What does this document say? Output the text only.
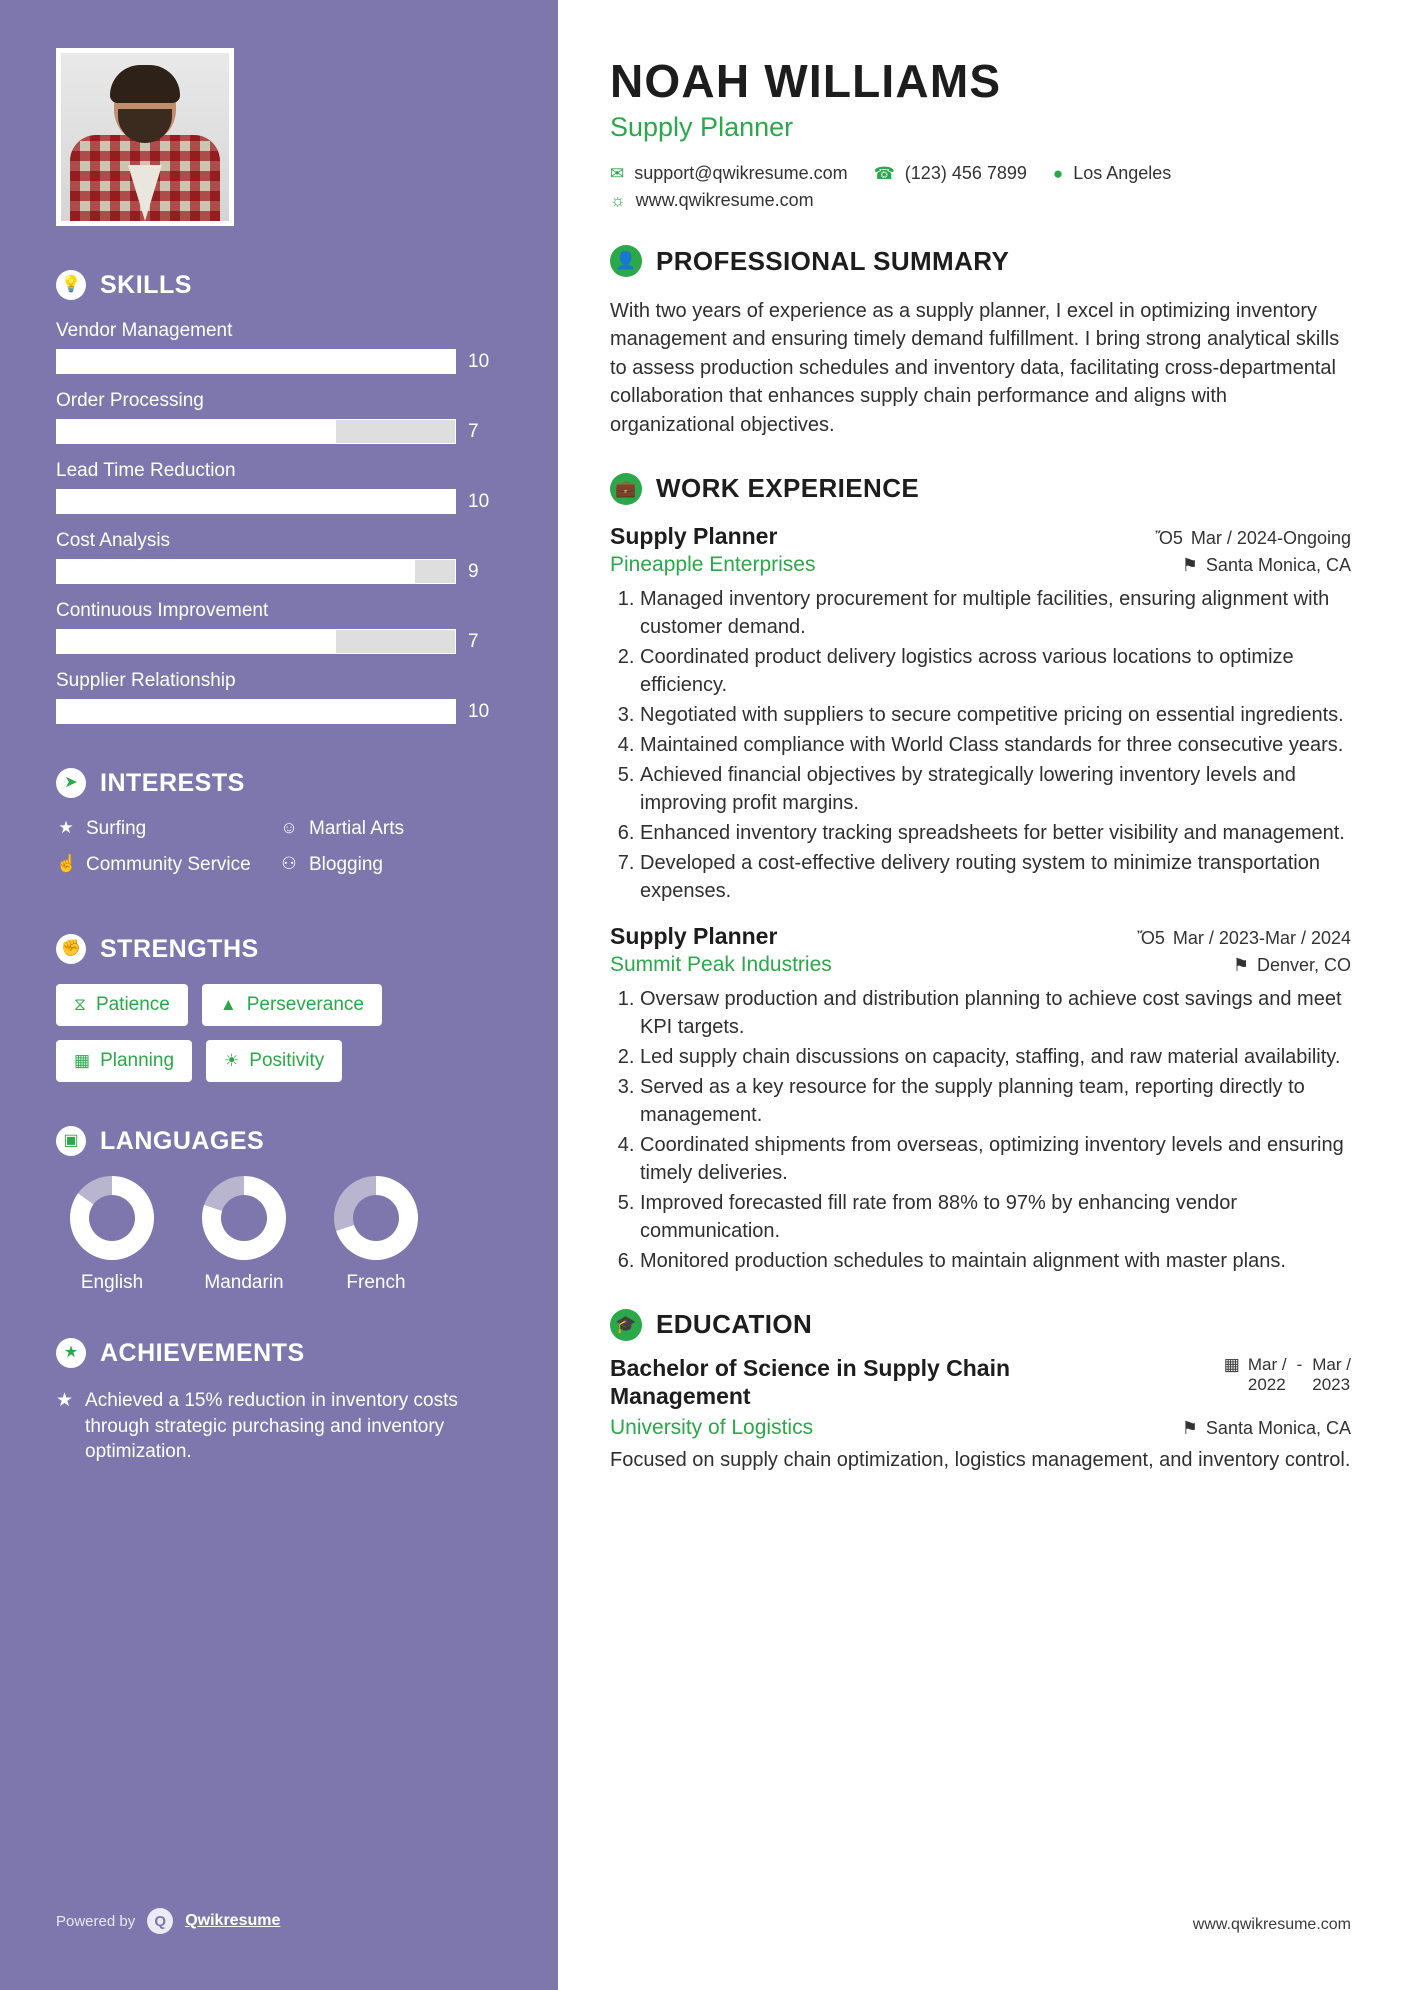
💡 SKILLS
Vendor Management
10
Order Processing
7
Lead Time Reduction
10
Cost Analysis
9
Continuous Improvement
7
Supplier Relationship
10
➤ INTERESTS
★ Surfing	☺ Martial Arts
☝ Community Service ⚇ Blogging
✊ STRENGTHS
⧖ Patience	▲ Perseverance
▦ Planning	☀ Positivity
▣ LANGUAGES
English	Mandarin	French
★ ACHIEVEMENTS
★ Achieved a 15% reduction in inventory costs through strategic purchasing and inventory optimization.
Powered by	Q	Qwikresume
NOAH WILLIAMS
Supply Planner
✉ support@qwikresume.com ☎ (123) 456 7899 ● Los Angeles
☼ www.qwikresume.com
👤 PROFESSIONAL SUMMARY

With two years of experience as a supply planner, I excel in optimizing inventory management and ensuring timely demand fulfillment. I bring strong analytical skills to assess production schedules and inventory data, facilitating cross-departmental collaboration that enhances supply chain performance and aligns with organizational objectives.

💼 WORK EXPERIENCE
Supply Planner	Ὄ5 Mar / 2024-Ongoing
Pineapple Enterprises	⚑ Santa Monica, CA
1. Managed inventory procurement for multiple facilities, ensuring alignment with customer demand.
2. Coordinated product delivery logistics across various locations to optimize efficiency.
3. Negotiated with suppliers to secure competitive pricing on essential ingredients.
4. Maintained compliance with World Class standards for three consecutive years.
5. Achieved financial objectives by strategically lowering inventory levels and improving profit margins.
6. Enhanced inventory tracking spreadsheets for better visibility and management.
7. Developed a cost-effective delivery routing system to minimize transportation expenses.
Supply Planner	Ὄ5 Mar / 2023-Mar / 2024
Summit Peak Industries	⚑ Denver, CO
1. Oversaw production and distribution planning to achieve cost savings and meet KPI targets.
2. Led supply chain discussions on capacity, staffing, and raw material availability.
3. Served as a key resource for the supply planning team, reporting directly to management.
4. Coordinated shipments from overseas, optimizing inventory levels and ensuring timely deliveries.
5. Improved forecasted fill rate from 88% to 97% by enhancing vendor communication.
6. Monitored production schedules to maintain alignment with master plans.
🎓 EDUCATION
Bachelor of Science in Supply Chain Management
▦ Mar /
2022
- Mar /
2023
University of Logistics	⚑ Santa Monica, CA
Focused on supply chain optimization, logistics management, and inventory control.
www.qwikresume.com
